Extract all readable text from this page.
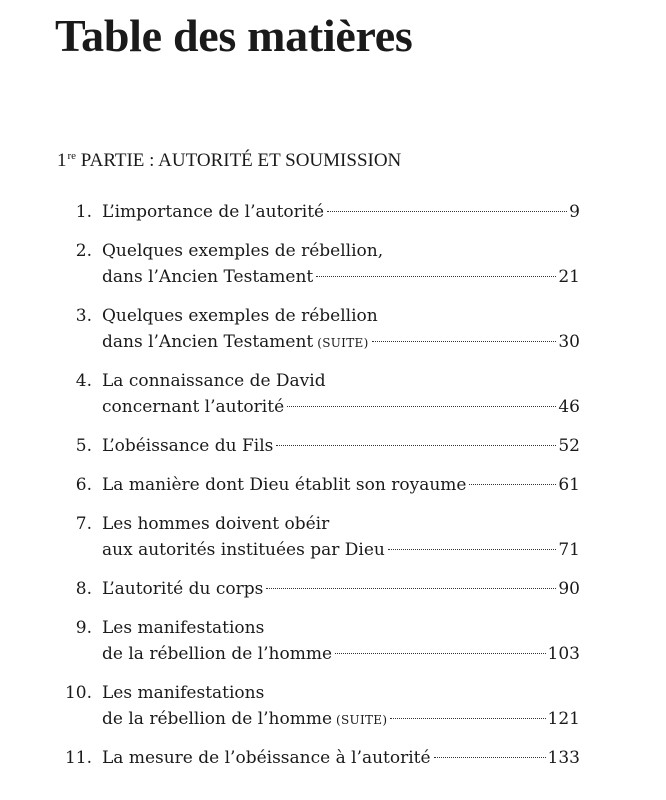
Table des matières
1re PARTIE : AUTORITÉ ET SOUMISSION
1. L’importance de l’autorité	9
2. Quelques exemples de rébellion,
dans l’Ancien Testament	21
3. Quelques exemples de rébellion
dans l’Ancien Testament (SUITE)	30
4. La connaissance de David
concernant l’autorité	46
5. L’obéissance du Fils	52
6. La manière dont Dieu établit son royaume	61
7. Les hommes doivent obéir
aux autorités instituées par Dieu	71
8. L’autorité du corps	90
9. Les manifestations
de la rébellion de l’homme	103
10. Les manifestations
de la rébellion de l’homme (SUITE)	121
11. La mesure de l’obéissance à l’autorité	133
